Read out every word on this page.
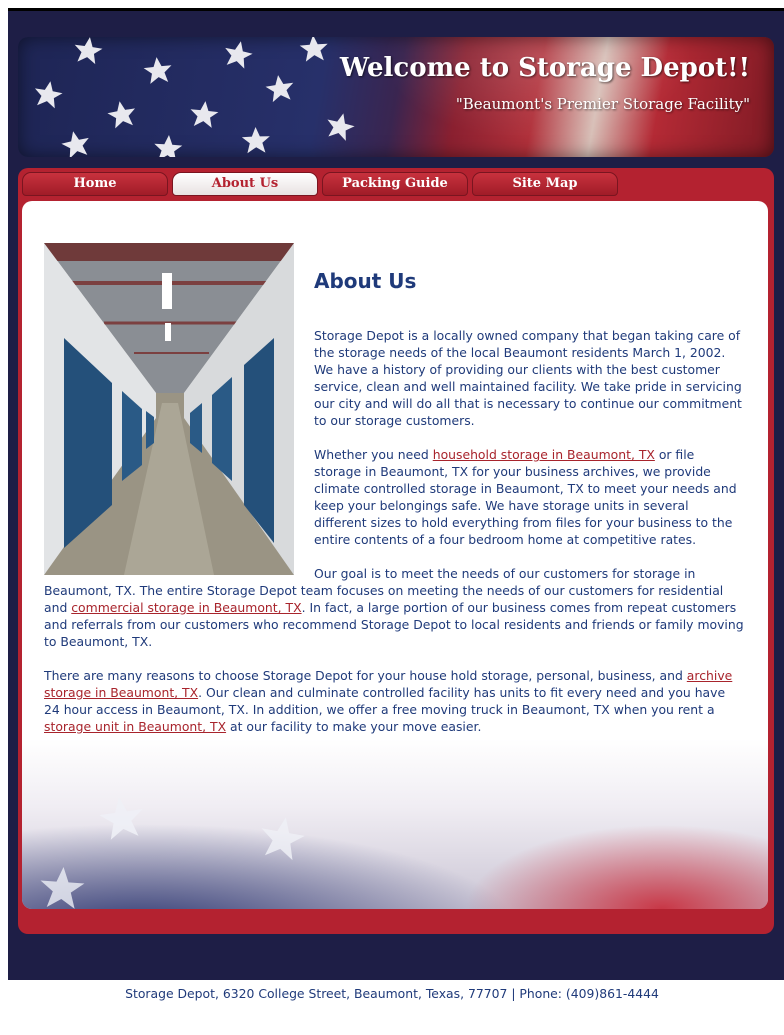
Welcome to Storage Depot!!
"Beaumont's Premier Storage Facility"
Home	About Us	Packing Guide	Site Map
About Us

Storage Depot is a locally owned company that began taking care of the storage needs of the local Beaumont residents March 1, 2002. We have a history of providing our clients with the best customer service, clean and well maintained facility. We take pride in servicing our city and will do all that is necessary to continue our commitment to our storage customers.

Whether you need household storage in Beaumont, TX or file storage in Beaumont, TX for your business archives, we provide climate controlled storage in Beaumont, TX to meet your needs and keep your belongings safe. We have storage units in several different sizes to hold everything from files for your business to the entire contents of a four bedroom home at competitive rates.

Our goal is to meet the needs of our customers for storage in Beaumont, TX. The entire Storage Depot team focuses on meeting the needs of our customers for residential and commercial storage in Beaumont, TX. In fact, a large portion of our business comes from repeat customers and referrals from our customers who recommend Storage Depot to local residents and friends or family moving to Beaumont, TX.

There are many reasons to choose Storage Depot for your house hold storage, personal, business, and archive storage in Beaumont, TX. Our clean and culminate controlled facility has units to fit every need and you have 24 hour access in Beaumont, TX. In addition, we offer a free moving truck in Beaumont, TX when you rent a storage unit in Beaumont, TX at our facility to make your move easier.

Storage Depot, 6320 College Street, Beaumont, Texas, 77707 | Phone: (409)861-4444
